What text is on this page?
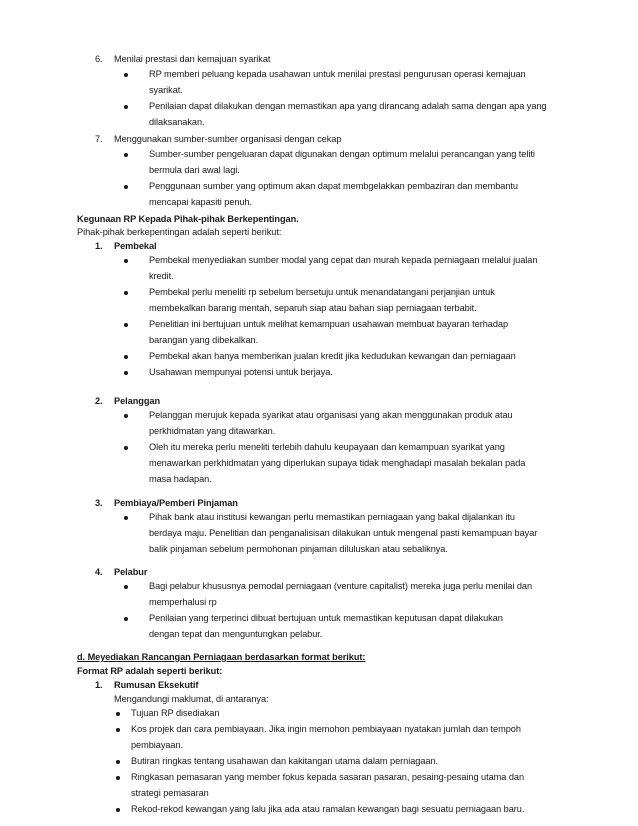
6. Menilai prestasi dan kemajuan syarikat
RP memberi peluang kepada usahawan untuk menilai prestasi pengurusan operasi kemajuan
syarikat.
Penilaian dapat dilakukan dengan memastikan apa yang dirancang adalah sama dengan apa yang
dilaksanakan.
7. Menggunakan sumber-sumber organisasi dengan cekap
Sumber-sumber pengeluaran dapat digunakan dengan optimum melalui perancangan yang teliti
bermula dari awal lagi.
Penggunaan sumber yang optimum akan dapat membgelakkan pembaziran dan membantu
mencapai kapasiti penuh.
Kegunaan RP Kepada Pihak-pihak Berkepentingan.
Pihak-pihak berkepentingan adalah seperti berikut:
1. Pembekal
Pembekal menyediakan sumber modal yang cepat dan murah kepada perniagaan melalui jualan
kredit.
Pembekal perlu meneliti rp sebelum bersetuju untuk menandatangani perjanjian untuk
membekalkan barang mentah, separuh siap atau bahan siap perniagaan terbabit.
Penelitian ini bertujuan untuk melihat kemampuan usahawan membuat bayaran terhadap
barangan yang dibekalkan.
Pembekal akan hanya memberikan jualan kredit jika kedudukan kewangan dan perniagaan
Usahawan mempunyai potensi untuk berjaya.
2. Pelanggan
Pelanggan merujuk kepada syarikat atau organisasi yang akan menggunakan produk atau
perkhidmatan yang ditawarkan.
Oleh itu mereka perlu meneliti terlebih dahulu keupayaan dan kemampuan syarikat yang
menawarkan perkhidmatan yang diperlukan supaya tidak menghadapi masalah bekalan pada
masa hadapan.
3. Pembiaya/Pemberi Pinjaman
Pihak bank atau institusi kewangan perlu memastikan perniagaan yang bakal dijalankan itu
berdaya maju. Penelitian dan penganalisisan dilakukan untuk mengenal pasti kemampuan bayar
balik pinjaman sebelum permohonan pinjaman diluluskan atau sebaliknya.
4. Pelabur
Bagi pelabur khususnya pemodal perniagaan (venture capitalist) mereka juga perlu menilai dan
memperhalusi rp
Penilaian yang terperinci dibuat bertujuan untuk memastikan keputusan dapat dilakukan
dengan tepat dan menguntungkan pelabur.
d. Meyediakan Rancangan Perniagaan berdasarkan format berikut:
Format RP adalah seperti berikut:
1. Rumusan Eksekutif
Mengandungi maklumat, di antaranya:
Tujuan RP disediakan
Kos projek dan cara pembiayaan. Jika ingin memohon pembiayaan nyatakan jumlah dan tempoh
pembiayaan.
Butiran ringkas tentang usahawan dan kakitangan utama dalam perniagaan.
Ringkasan pemasaran yang member fokus kepada sasaran pasaran, pesaing-pesaing utama dan
strategi pemasaran
Rekod-rekod kewangan yang lalu jika ada atau ramalan kewangan bagi sesuatu perniagaan baru.
